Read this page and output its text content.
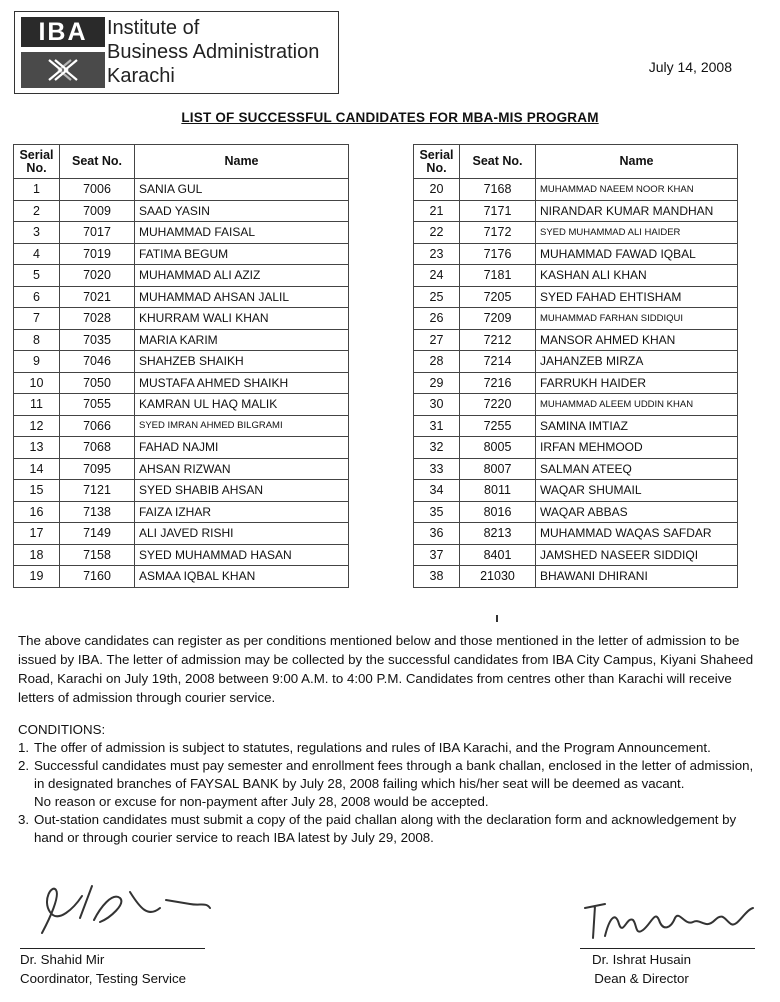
IBA Institute of
Business Administration
Karachi	July 14, 2008
LIST OF SUCCESSFUL CANDIDATES FOR MBA-MIS PROGRAM
Serial No.	Seat No.	Name
1	7006	SANIA GUL
2	7009	SAAD YASIN
3	7017	MUHAMMAD FAISAL
4	7019	FATIMA BEGUM
5	7020	MUHAMMAD ALI AZIZ
6	7021	MUHAMMAD AHSAN JALIL
7	7028	KHURRAM WALI KHAN
8	7035	MARIA KARIM
9	7046	SHAHZEB SHAIKH
10	7050	MUSTAFA AHMED SHAIKH
11	7055	KAMRAN UL HAQ MALIK
12	7066	SYED IMRAN AHMED BILGRAMI
13	7068	FAHAD NAJMI
14	7095	AHSAN RIZWAN
15	7121	SYED SHABIB AHSAN
16	7138	FAIZA IZHAR
17	7149	ALI JAVED RISHI
18	7158	SYED MUHAMMAD HASAN
19	7160	ASMAA IQBAL KHAN
Serial No.	Seat No.	Name
20	7168	MUHAMMAD NAEEM NOOR KHAN
21	7171	NIRANDAR KUMAR MANDHAN
22	7172	SYED MUHAMMAD ALI HAIDER
23	7176	MUHAMMAD FAWAD IQBAL
24	7181	KASHAN ALI KHAN
25	7205	SYED FAHAD EHTISHAM
26	7209	MUHAMMAD FARHAN SIDDIQUI
27	7212	MANSOR AHMED KHAN
28	7214	JAHANZEB MIRZA
29	7216	FARRUKH HAIDER
30	7220	MUHAMMAD ALEEM UDDIN KHAN
31	7255	SAMINA IMTIAZ
32	8005	IRFAN MEHMOOD
33	8007	SALMAN ATEEQ
34	8011	WAQAR SHUMAIL
35	8016	WAQAR ABBAS
36	8213	MUHAMMAD WAQAS SAFDAR
37	8401	JAMSHED NASEER SIDDIQI
38	21030	BHAWANI DHIRANI
The above candidates can register as per conditions mentioned below and those mentioned in the letter of admission to be issued by IBA. The letter of admission may be collected by the successful candidates from IBA City Campus, Kiyani Shaheed Road, Karachi on July 19th, 2008 between 9:00 A.M. to 4:00 P.M. Candidates from centres other than Karachi will receive letters of admission through courier service.
CONDITIONS:
1. The offer of admission is subject to statutes, regulations and rules of IBA Karachi, and the Program Announcement.
2. Successful candidates must pay semester and enrollment fees through a bank challan, enclosed in the letter of admission, in designated branches of FAYSAL BANK by July 28, 2008 failing which his/her seat will be deemed as vacant.
No reason or excuse for non-payment after July 28, 2008 would be accepted.
3. Out-station candidates must submit a copy of the paid challan along with the declaration form and acknowledgement by hand or through courier service to reach IBA latest by July 29, 2008.
Dr. Shahid Mir
Coordinator, Testing Service
Dr. Ishrat Husain
Dean & Director
